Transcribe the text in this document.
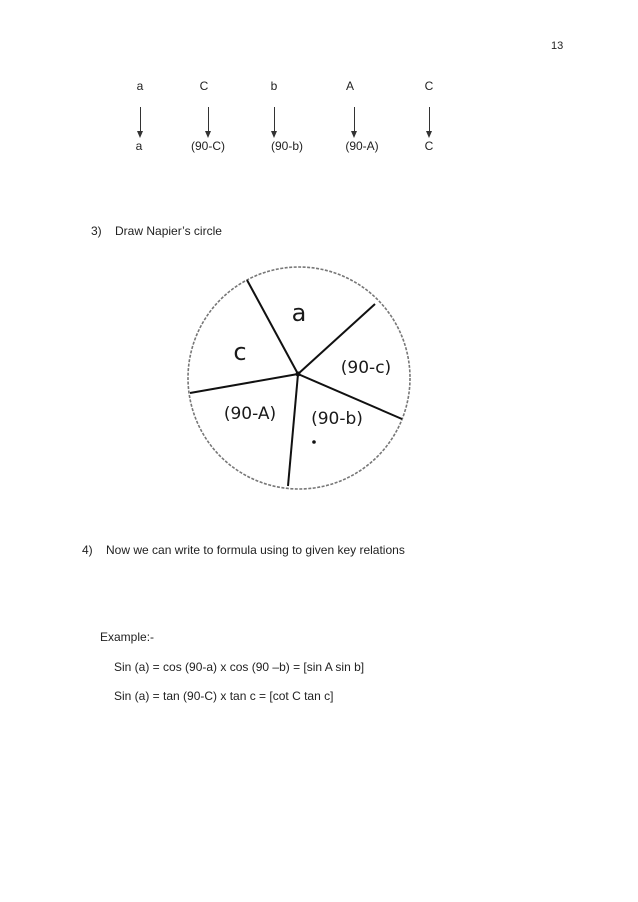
13
a	C	b	A	C
a	(90-C)	(90-b)	(90-A)	C
3) Draw Napier’s circle
a
(90-c)
(90-b)
(90-A)
c
4) Now we can write to formula using to given key relations
Example:-
Sin (a) = cos (90-a) x cos (90 –b) = [sin A sin b]
Sin (a) = tan (90-C) x tan c = [cot C tan c]
